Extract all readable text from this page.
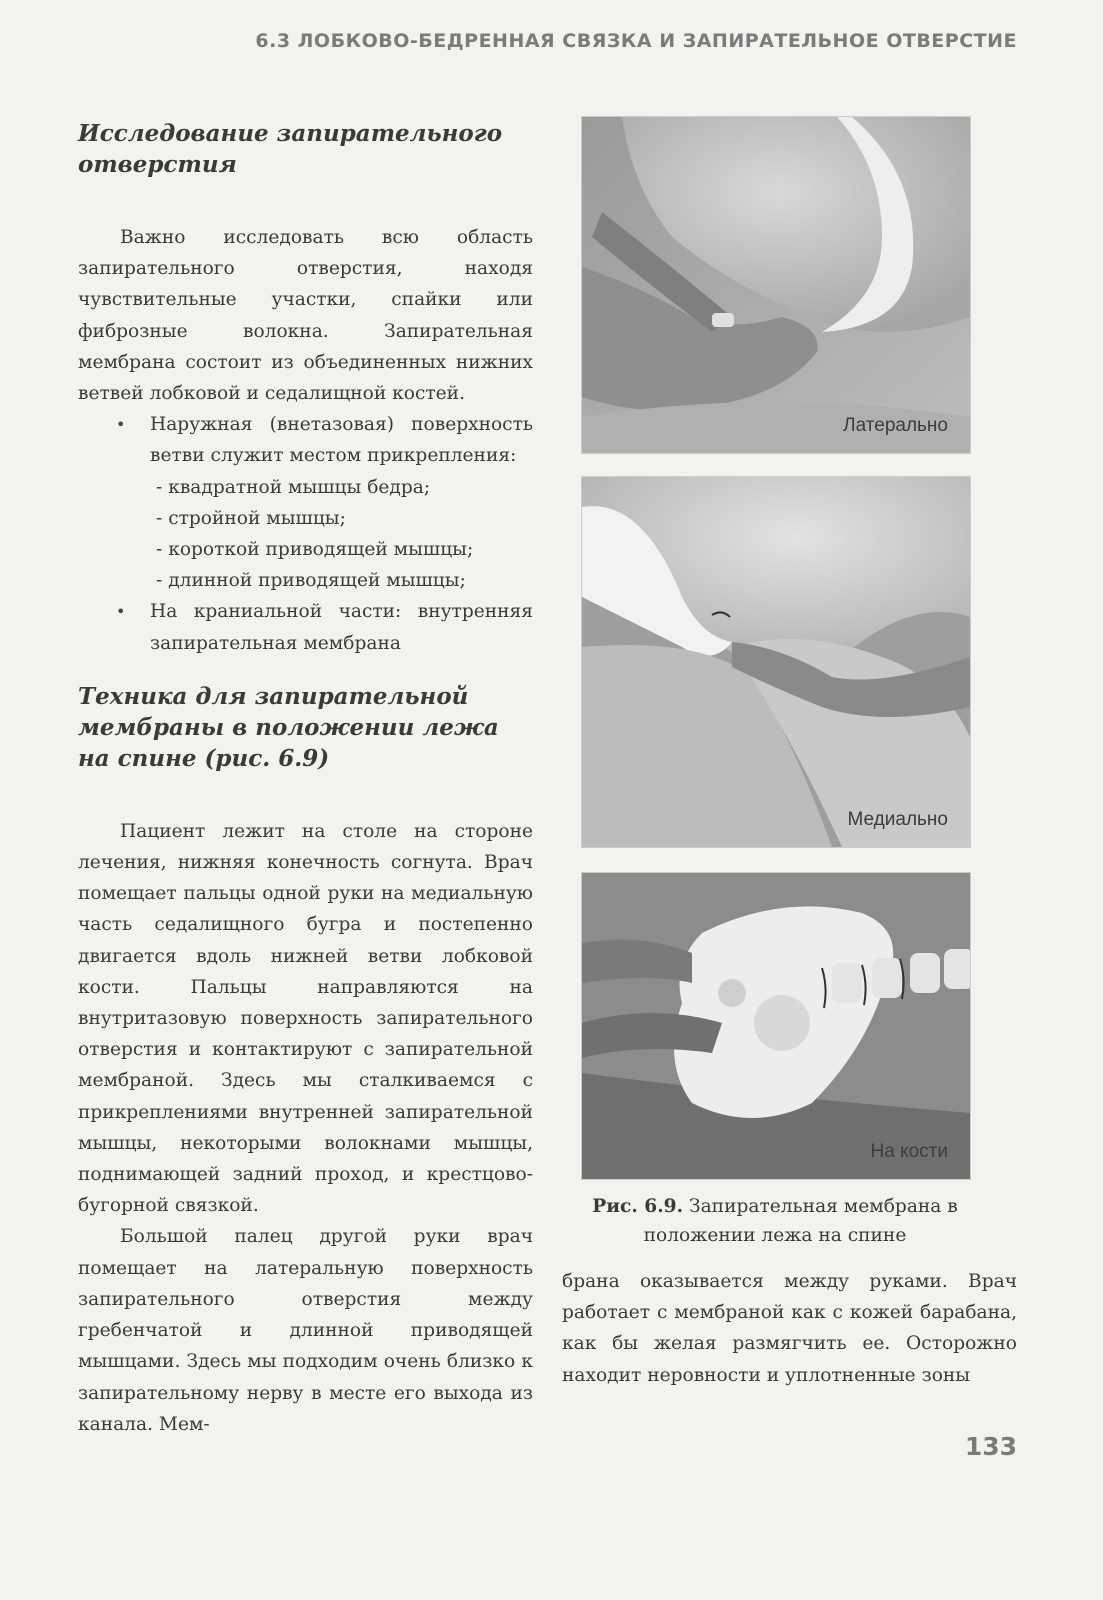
6.3 ЛОБКОВО-БЕДРЕННАЯ СВЯЗКА И ЗАПИРАТЕЛЬНОЕ ОТВЕРСТИЕ
Исследование запирательного отверстия

Важно исследовать всю область запирательного отверстия, находя чувствительные участки, спайки или фиброзные волокна. Запирательная мембрана состоит из объединенных нижних ветвей лобковой и седалищной костей.

• Наружная (внетазовая) поверхность ветви служит местом прикрепления:
- квадратной мышцы бедра;
- стройной мышцы;
- короткой приводящей мышцы;
- длинной приводящей мышцы;
• На краниальной части: внутренняя запирательная мембрана
Техника для запирательной мембраны в положении лежа на спине (рис. 6.9)

Пациент лежит на столе на стороне лечения, нижняя конечность согнута. Врач помещает пальцы одной руки на медиальную часть седалищного бугра и постепенно двигается вдоль нижней ветви лобковой кости. Пальцы направляются на внутритазовую поверхность запирательного отверстия и контактируют с запирательной мембраной. Здесь мы сталкиваемся с прикреплениями внутренней запирательной мышцы, некоторыми волокнами мышцы, поднимающей задний проход, и крестцово-бугорной связкой.

Большой палец другой руки врач помещает на латеральную поверхность запирательного отверстия между гребенчатой и длинной приводящей мышцами. Здесь мы подходим очень близко к запирательному нерву в месте его выхода из канала. Мем-

Латерально
Медиально
На кости
Рис. 6.9. Запирательная мембрана в положении лежа на спине

брана оказывается между руками. Врач работает с мембраной как с кожей барабана, как бы желая размягчить ее. Осторожно находит неровности и уплотненные зоны

133
